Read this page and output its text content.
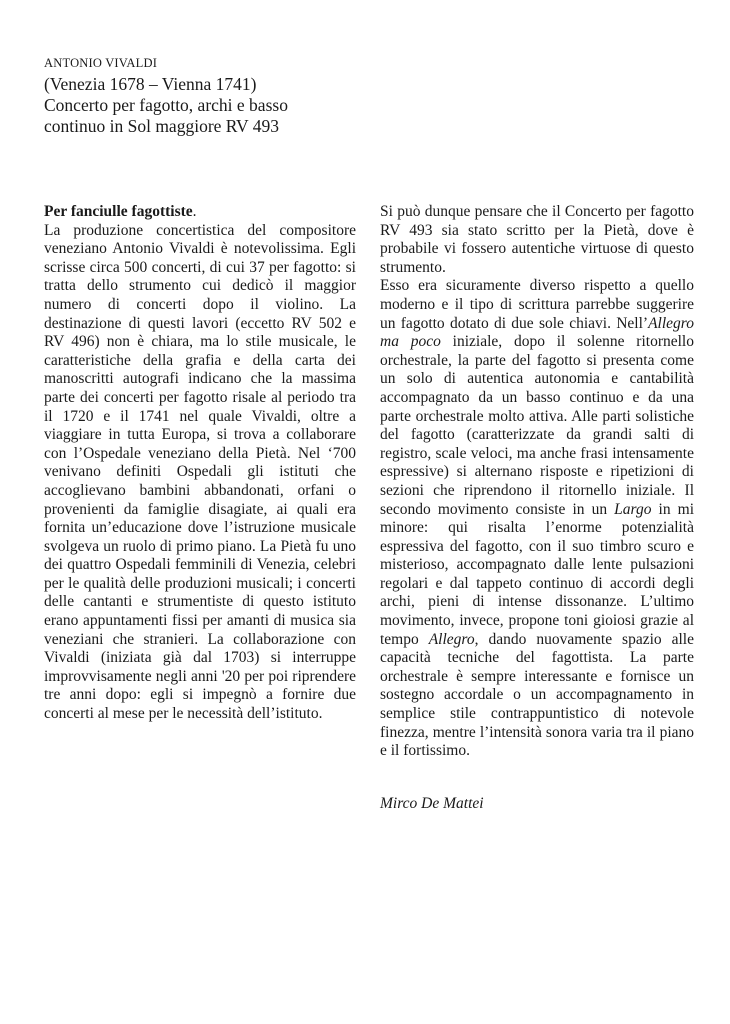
ANTONIO VIVALDI

(Venezia 1678 – Vienna 1741)

Concerto per fagotto, archi e basso

continuo in Sol maggiore RV 493

Per fanciulle fagottiste.

La produzione concertistica del compositore veneziano Antonio Vivaldi è notevolissima. Egli scrisse circa 500 concerti, di cui 37 per fagotto: si tratta dello strumento cui dedicò il maggior numero di concerti dopo il violino. La destinazione di questi lavori (eccetto RV 502 e RV 496) non è chiara, ma lo stile musicale, le caratteristiche della grafia e della carta dei manoscritti autografi indicano che la massima parte dei concerti per fagotto risale al periodo tra il 1720 e il 1741 nel quale Vivaldi, oltre a viaggiare in tutta Europa, si trova a collaborare con l’Ospedale veneziano della Pietà. Nel ‘700 venivano definiti Ospedali gli istituti che accoglievano bambini abbandonati, orfani o provenienti da famiglie disagiate, ai quali era fornita un’educazione dove l’istruzione musicale svolgeva un ruolo di primo piano. La Pietà fu uno dei quattro Ospedali femminili di Venezia, celebri per le qualità delle produzioni musicali; i concerti delle cantanti e strumentiste di questo istituto erano appuntamenti fissi per amanti di musica sia veneziani che stranieri. La collaborazione con Vivaldi (iniziata già dal 1703) si interruppe improvvisamente negli anni '20 per poi riprendere tre anni dopo: egli si impegnò a fornire due concerti al mese per le necessità dell’istituto.

Si può dunque pensare che il Concerto per fagotto RV 493 sia stato scritto per la Pietà, dove è probabile vi fossero autentiche virtuose di questo strumento.

Esso era sicuramente diverso rispetto a quello moderno e il tipo di scrittura parrebbe suggerire un fagotto dotato di due sole chiavi. Nell’Allegro ma poco iniziale, dopo il solenne ritornello orchestrale, la parte del fagotto si presenta come un solo di autentica autonomia e cantabilità accompagnato da un basso continuo e da una parte orchestrale molto attiva. Alle parti solistiche del fagotto (caratterizzate da grandi salti di registro, scale veloci, ma anche frasi intensamente espressive) si alternano risposte e ripetizioni di sezioni che riprendono il ritornello iniziale. Il secondo movimento consiste in un Largo in mi minore: qui risalta l’enorme potenzialità espressiva del fagotto, con il suo timbro scuro e misterioso, accompagnato dalle lente pulsazioni regolari e dal tappeto continuo di accordi degli archi, pieni di intense dissonanze. L’ultimo movimento, invece, propone toni gioiosi grazie al tempo Allegro, dando nuovamente spazio alle capacità tecniche del fagottista. La parte orchestrale è sempre interessante e fornisce un sostegno accordale o un accompagnamento in semplice stile contrappuntistico di notevole finezza, mentre l’intensità sonora varia tra il piano e il fortissimo.

Mirco De Mattei
